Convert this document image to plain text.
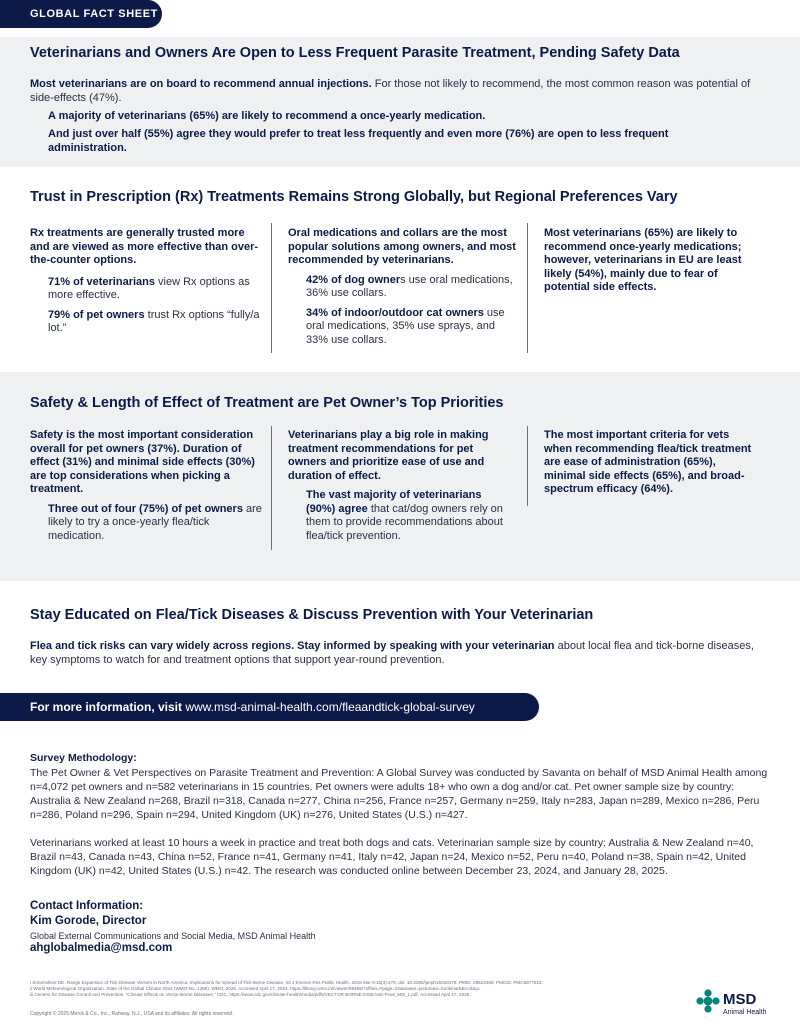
GLOBAL FACT SHEET
Veterinarians and Owners Are Open to Less Frequent Parasite Treatment, Pending Safety Data

Most veterinarians are on board to recommend annual injections. For those not likely to recommend, the most common reason was potential of side-effects (47%).

A majority of veterinarians (65%) are likely to recommend a once-yearly medication.

And just over half (55%) agree they would prefer to treat less frequently and even more (76%) are open to less frequent administration.

Trust in Prescription (Rx) Treatments Remains Strong Globally, but Regional Preferences Vary
Rx treatments are generally trusted more and are viewed as more effective than over-the-counter options.
71% of veterinarians view Rx options as more effective.
79% of pet owners trust Rx options “fully/a lot.”
Oral medications and collars are the most popular solutions among owners, and most recommended by veterinarians.
42% of dog owners use oral medications, 36% use collars.
34% of indoor/outdoor cat owners use oral medications, 35% use sprays, and 33% use collars.
Most veterinarians (65%) are likely to recommend once-yearly medications; however, veterinarians in EU are least likely (54%), mainly due to fear of potential side effects.
Safety & Length of Effect of Treatment are Pet Owner’s Top Priorities
Safety is the most important consideration overall for pet owners (37%). Duration of effect (31%) and minimal side effects (30%) are top considerations when picking a treatment.
Three out of four (75%) of pet owners are likely to try a once-yearly flea/tick medication.
Veterinarians play a big role in making treatment recommendations for pet owners and prioritize ease of use and duration of effect.
The vast majority of veterinarians (90%) agree that cat/dog owners rely on them to provide recommendations about flea/tick prevention.
The most important criteria for vets when recommending flea/tick treatment are ease of administration (65%), minimal side effects (65%), and broad-spectrum efficacy (64%).
Stay Educated on Flea/Tick Diseases & Discuss Prevention with Your Veterinarian

Flea and tick risks can vary widely across regions. Stay informed by speaking with your veterinarian about local flea and tick-borne diseases, key symptoms to watch for and treatment options that support year-round prevention.

For more information, visit www.msd-animal-health.com/fleaandtick-global-survey
Survey Methodology:

The Pet Owner & Vet Perspectives on Parasite Treatment and Prevention: A Global Survey was conducted by Savanta on behalf of MSD Animal Health among n=4,072 pet owners and n=582 veterinarians in 15 countries. Pet owners were adults 18+ who own a dog and/or cat. Pet owner sample size by country: Australia & New Zealand n=268, Brazil n=318, Canada n=277, China n=256, France n=257, Germany n=259, Italy n=283, Japan n=289, Mexico n=286, Peru n=286, Poland n=296, Spain n=294, United Kingdom (UK) n=276, United States (U.S.) n=427.

Veterinarians worked at least 10 hours a week in practice and treat both dogs and cats. Veterinarian sample size by country: Australia & New Zealand n=40, Brazil n=43, Canada n=43, China n=52, France n=41, Germany n=41, Italy n=42, Japan n=24, Mexico n=52, Peru n=40, Poland n=38, Spain n=42, United Kingdom (UK) n=42, United States (U.S.) n=42. The research was conducted online between December 23, 2024, and January 28, 2025.

Contact Information:
Kim Gorode, Director
Global External Communications and Social Media, MSD Animal Health
ahglobalmedia@msd.com
i Sonenshine DE. Range Expansion of Tick Disease Vectors in North America: Implications for Spread of Tick-Borne Disease. Int J Environ Res Public Health. 2018 Mar 9;15(3):478. doi: 10.3390/ijerph15030478. PMID: 29522469; PMCID: PMC5877023.
ii World Meteorological Organization. State of the Global Climate 2024 (WMO-No. 1368). WMO, 2025. Accessed April 17, 2024. https://library.wmo.int/viewer/69455/?offset=#page=32&viewer=picture&o=bookmark&n=0&q=
iii Centers for Disease Control and Prevention. “Climate Effects on Vector-Borne Diseases.” CDC, https://www.cdc.gov/climate-health/media/pdfs/VECTOR-BORNE-DISEASE-Final_508_1.pdf. Accessed April 17, 2025.
Copyright © 2025 Merck & Co., Inc., Rahway, N.J., USA and its affiliates. All rights reserved.
MSD
Animal Health
